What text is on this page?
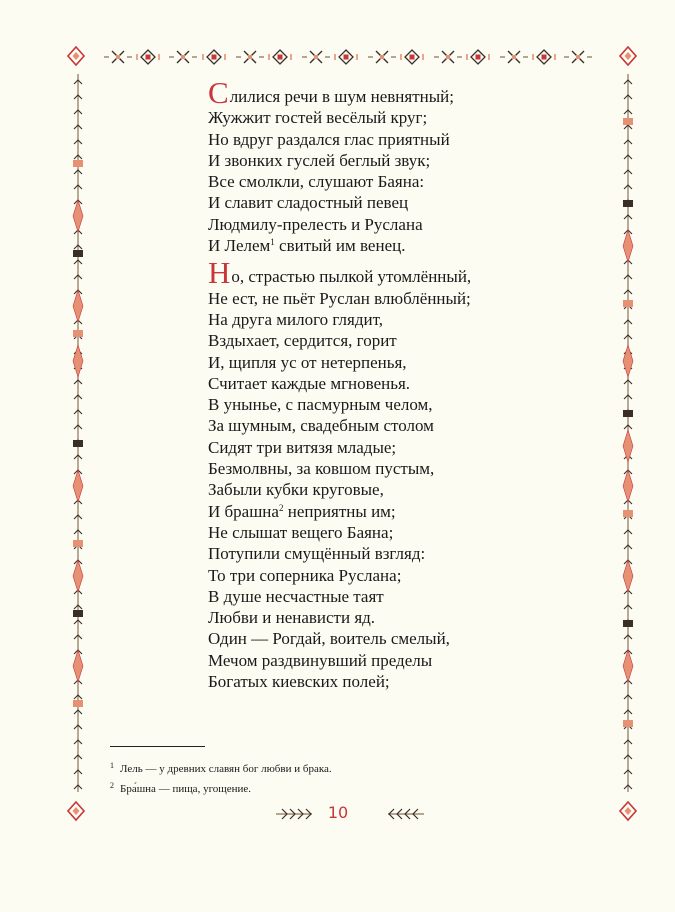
Слилися речи в шум невнятный;
Жужжит гостей весёлый круг;
Но вдруг раздался глас приятный
И звонких гуслей беглый звук;
Все смолкли, слушают Баяна:
И славит сладостный певец
Людмилу-прелесть и Руслана
И Лелем$^1$ свитый им венец.
Но, страстью пылкой утомлённый,
Не ест, не пьёт Руслан влюблённый;
На друга милого глядит,
Вздыхает, сердится, горит
И, щипля ус от нетерпенья,
Считает каждые мгновенья.
В унынье, с пасмурным челом,
За шумным, свадебным столом
Сидят три витязя младые;
Безмолвны, за ковшом пустым,
Забыли кубки круговые,
И брашна$^2$ неприятны им;
Не слышат вещего Баяна;
Потупили смущённый взгляд:
То три соперника Руслана;
В душе несчастные таят
Любви и ненависти яд.
Один — Рогдай, воитель смелый,
Мечом раздвинувший пределы
Богатых киевских полей;
$^1$ Лель — у древних славян бог любви и брака.
$^2$ Бра́шна — пища, угощение.
10
